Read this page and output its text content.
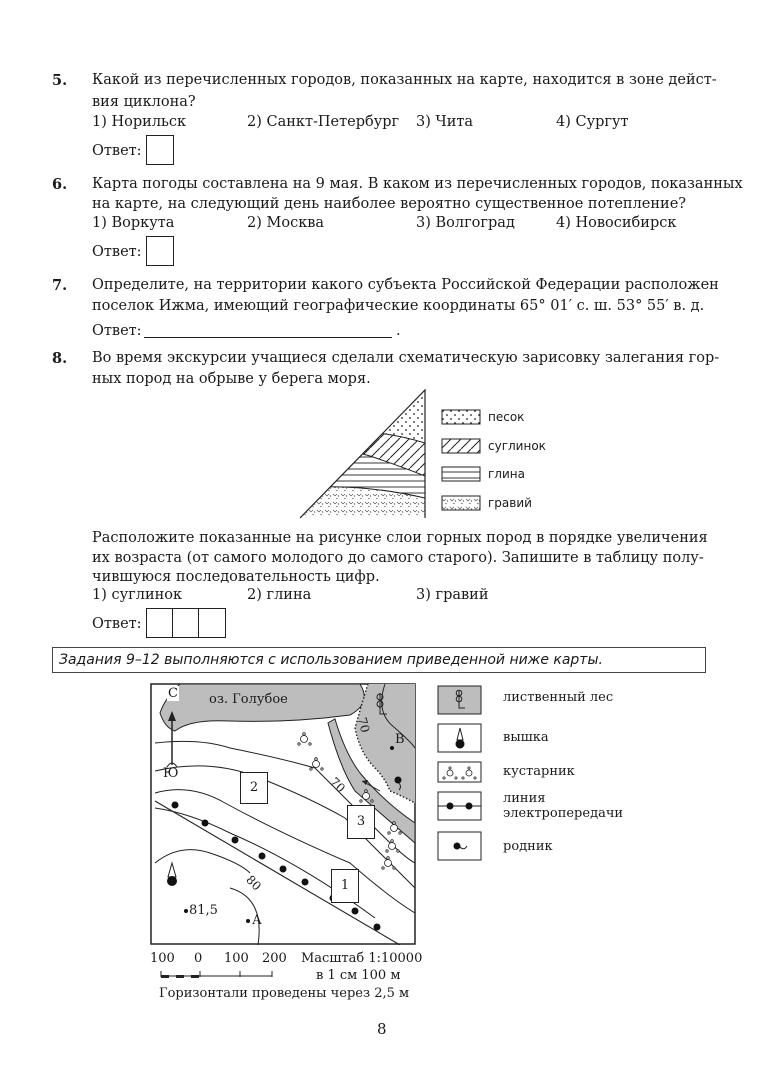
5. Какой из перечисленных городов, показанных на карте, находится в зоне дейст-
вия циклона?
1) Норильск	2) Санкт-Петербург 3) Чита	4) Сургут
Ответ:
6. Карта погоды составлена на 9 мая. В каком из перечисленных городов, показанных
на карте, на следующий день наиболее вероятно существенное потепление?
1) Воркута	2) Москва	3) Волгоград	4) Новосибирск
Ответ:
7. Определите, на территории какого субъекта Российской Федерации расположен
поселок Ижма, имеющий географические координаты 65° 01′ с. ш. 53° 55′ в. д.
Ответ:	.
8. Во время экскурсии учащиеся сделали схематическую зарисовку залегания гор-
ных пород на обрыве у берега моря.
песок
суглинок
глина
гравий
Расположите показанные на рисунке слои горных пород в порядке увеличения
их возраста (от самого молодого до самого старого). Запишите в таблицу полу-
чившуюся последовательность цифр.
1) суглинок	2) глина	3) гравий
Ответ:
Задания 9–12 выполняются с использованием приведенной ниже карты.
С
Ю
оз. Голубое
70
70
80
В
А
81,5
2
3
1
лиственный лес
вышка
кустарник
линия
электропередачи
родник
100 0 100 200 Масштаб 1:10000
в 1 см 100 м
Горизонтали проведены через 2,5 м
8
